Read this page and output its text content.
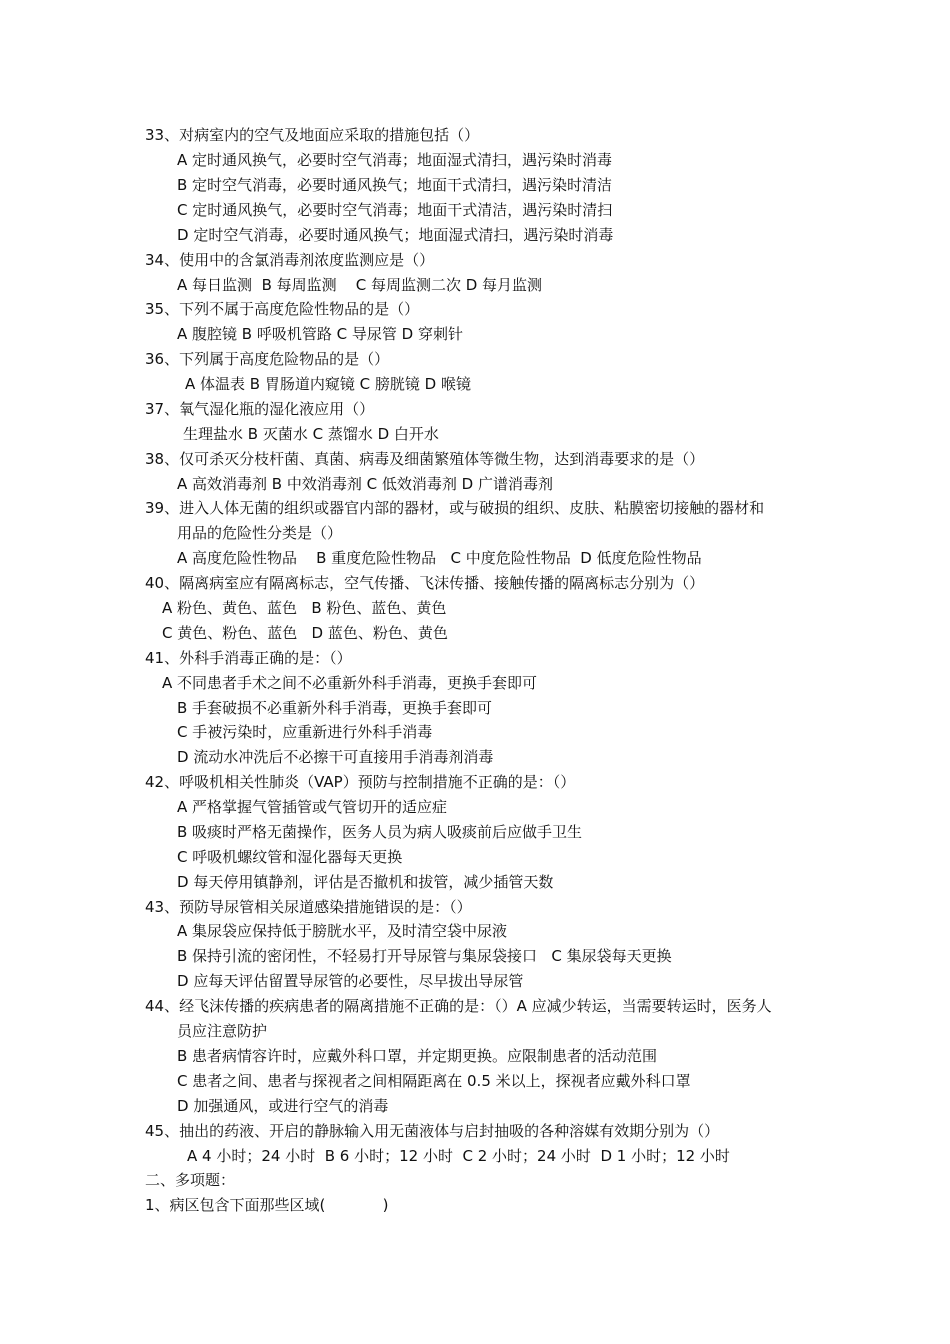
33、对病室内的空气及地面应采取的措施包括（）
A 定时通风换气，必要时空气消毒；地面湿式清扫，遇污染时消毒
B 定时空气消毒，必要时通风换气；地面干式清扫，遇污染时清洁
C 定时通风换气，必要时空气消毒；地面干式清洁，遇污染时清扫
D 定时空气消毒，必要时通风换气；地面湿式清扫，遇污染时消毒
34、使用中的含氯消毒剂浓度监测应是（）
A 每日监测  B 每周监测    C 每周监测二次 D 每月监测
35、下列不属于高度危险性物品的是（）
A 腹腔镜 B 呼吸机管路 C 导尿管 D 穿刺针
36、下列属于高度危险物品的是（）
A 体温表 B 胃肠道内窥镜 C 膀胱镜 D 喉镜
37、氧气湿化瓶的湿化液应用（）
生理盐水 B 灭菌水 C 蒸馏水 D 白开水
38、仅可杀灭分枝杆菌、真菌、病毒及细菌繁殖体等微生物，达到消毒要求的是（）
A 高效消毒剂 B 中效消毒剂 C 低效消毒剂 D 广谱消毒剂
39、进入人体无菌的组织或器官内部的器材，或与破损的组织、皮肤、粘膜密切接触的器材和
用品的危险性分类是（）
A 高度危险性物品    B 重度危险性物品   C 中度危险性物品  D 低度危险性物品
40、隔离病室应有隔离标志，空气传播、飞沫传播、接触传播的隔离标志分别为（）
A 粉色、黄色、蓝色   B 粉色、蓝色、黄色
C 黄色、粉色、蓝色   D 蓝色、粉色、黄色
41、外科手消毒正确的是：（）
A 不同患者手术之间不必重新外科手消毒，更换手套即可
B 手套破损不必重新外科手消毒，更换手套即可
C 手被污染时，应重新进行外科手消毒
D 流动水冲洗后不必擦干可直接用手消毒剂消毒
42、呼吸机相关性肺炎（VAP）预防与控制措施不正确的是：（）
A 严格掌握气管插管或气管切开的适应症
B 吸痰时严格无菌操作，医务人员为病人吸痰前后应做手卫生
C 呼吸机螺纹管和湿化器每天更换
D 每天停用镇静剂，评估是否撤机和拔管，减少插管天数
43、预防导尿管相关尿道感染措施错误的是：（）
A 集尿袋应保持低于膀胱水平，及时清空袋中尿液
B 保持引流的密闭性，不轻易打开导尿管与集尿袋接口   C 集尿袋每天更换
D 应每天评估留置导尿管的必要性，尽早拔出导尿管
44、经飞沫传播的疾病患者的隔离措施不正确的是：（）A 应减少转运，当需要转运时，医务人
员应注意防护
B 患者病情容许时，应戴外科口罩，并定期更换。应限制患者的活动范围
C 患者之间、患者与探视者之间相隔距离在 0.5 米以上，探视者应戴外科口罩
D 加强通风，或进行空气的消毒
45、抽出的药液、开启的静脉输入用无菌液体与启封抽吸的各种溶媒有效期分别为（）
A 4 小时；24 小时  B 6 小时；12 小时  C 2 小时；24 小时  D 1 小时；12 小时
二、多项题：
1、病区包含下面那些区域(            )
